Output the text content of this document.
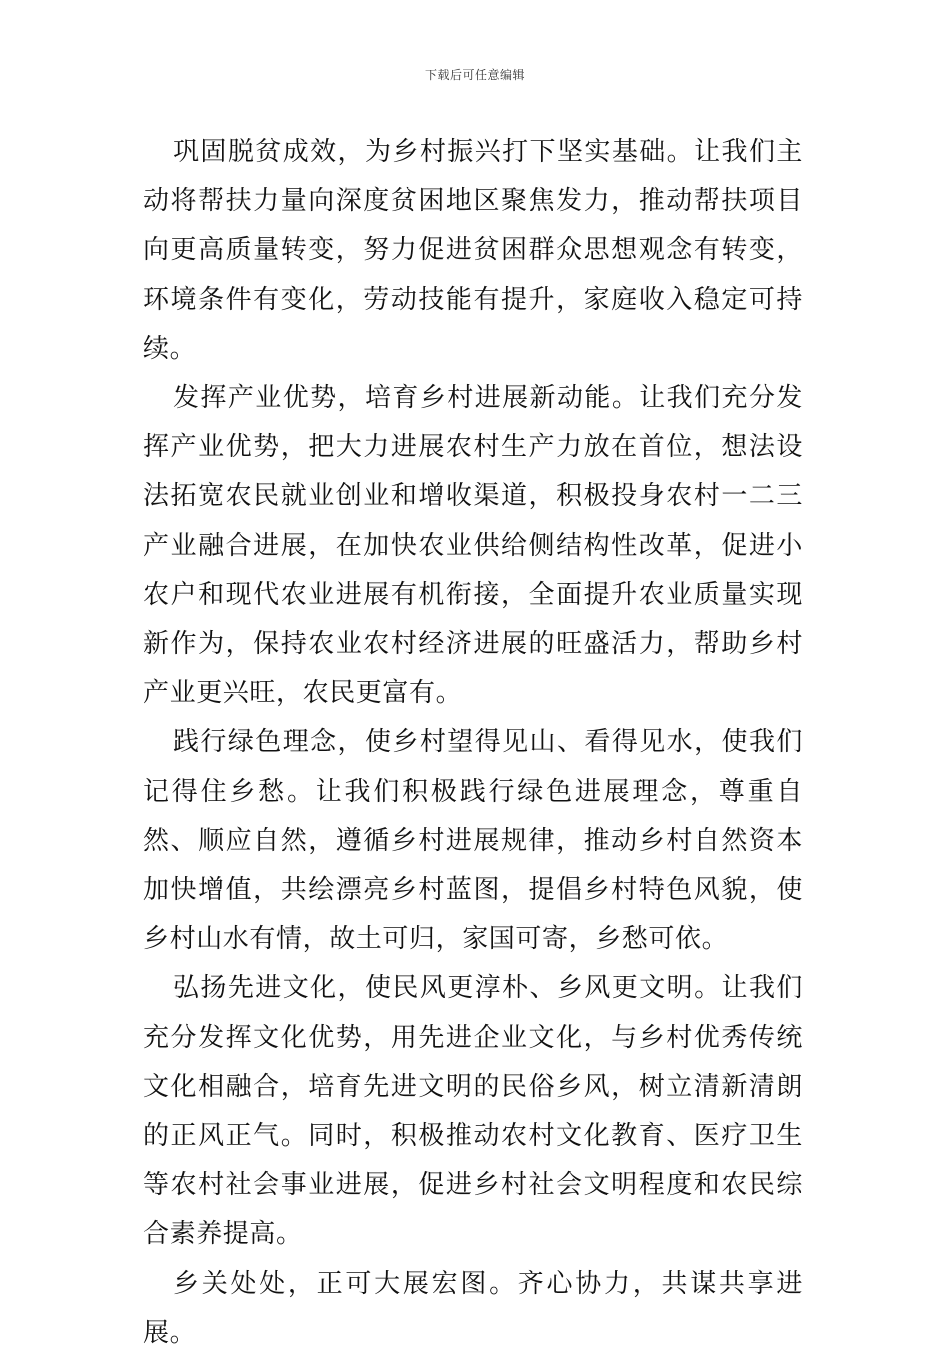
下载后可任意编辑

巩固脱贫成效，为乡村振兴打下坚实基础。让我们主动将帮扶力量向深度贫困地区聚焦发力，推动帮扶项目向更高质量转变，努力促进贫困群众思想观念有转变，环境条件有变化，劳动技能有提升，家庭收入稳定可持续。

发挥产业优势，培育乡村进展新动能。让我们充分发挥产业优势，把大力进展农村生产力放在首位，想法设法拓宽农民就业创业和增收渠道，积极投身农村一二三产业融合进展，在加快农业供给侧结构性改革，促进小农户和现代农业进展有机衔接，全面提升农业质量实现新作为，保持农业农村经济进展的旺盛活力，帮助乡村产业更兴旺，农民更富有。

践行绿色理念，使乡村望得见山、看得见水，使我们记得住乡愁。让我们积极践行绿色进展理念，尊重自然、顺应自然，遵循乡村进展规律，推动乡村自然资本加快增值，共绘漂亮乡村蓝图，提倡乡村特色风貌，使乡村山水有情，故土可归，家国可寄，乡愁可依。

弘扬先进文化，使民风更淳朴、乡风更文明。让我们充分发挥文化优势，用先进企业文化，与乡村优秀传统文化相融合，培育先进文明的民俗乡风，树立清新清朗的正风正气。同时，积极推动农村文化教育、医疗卫生等农村社会事业进展，促进乡村社会文明程度和农民综合素养提高。

乡关处处，正可大展宏图。齐心协力，共谋共享进展。
